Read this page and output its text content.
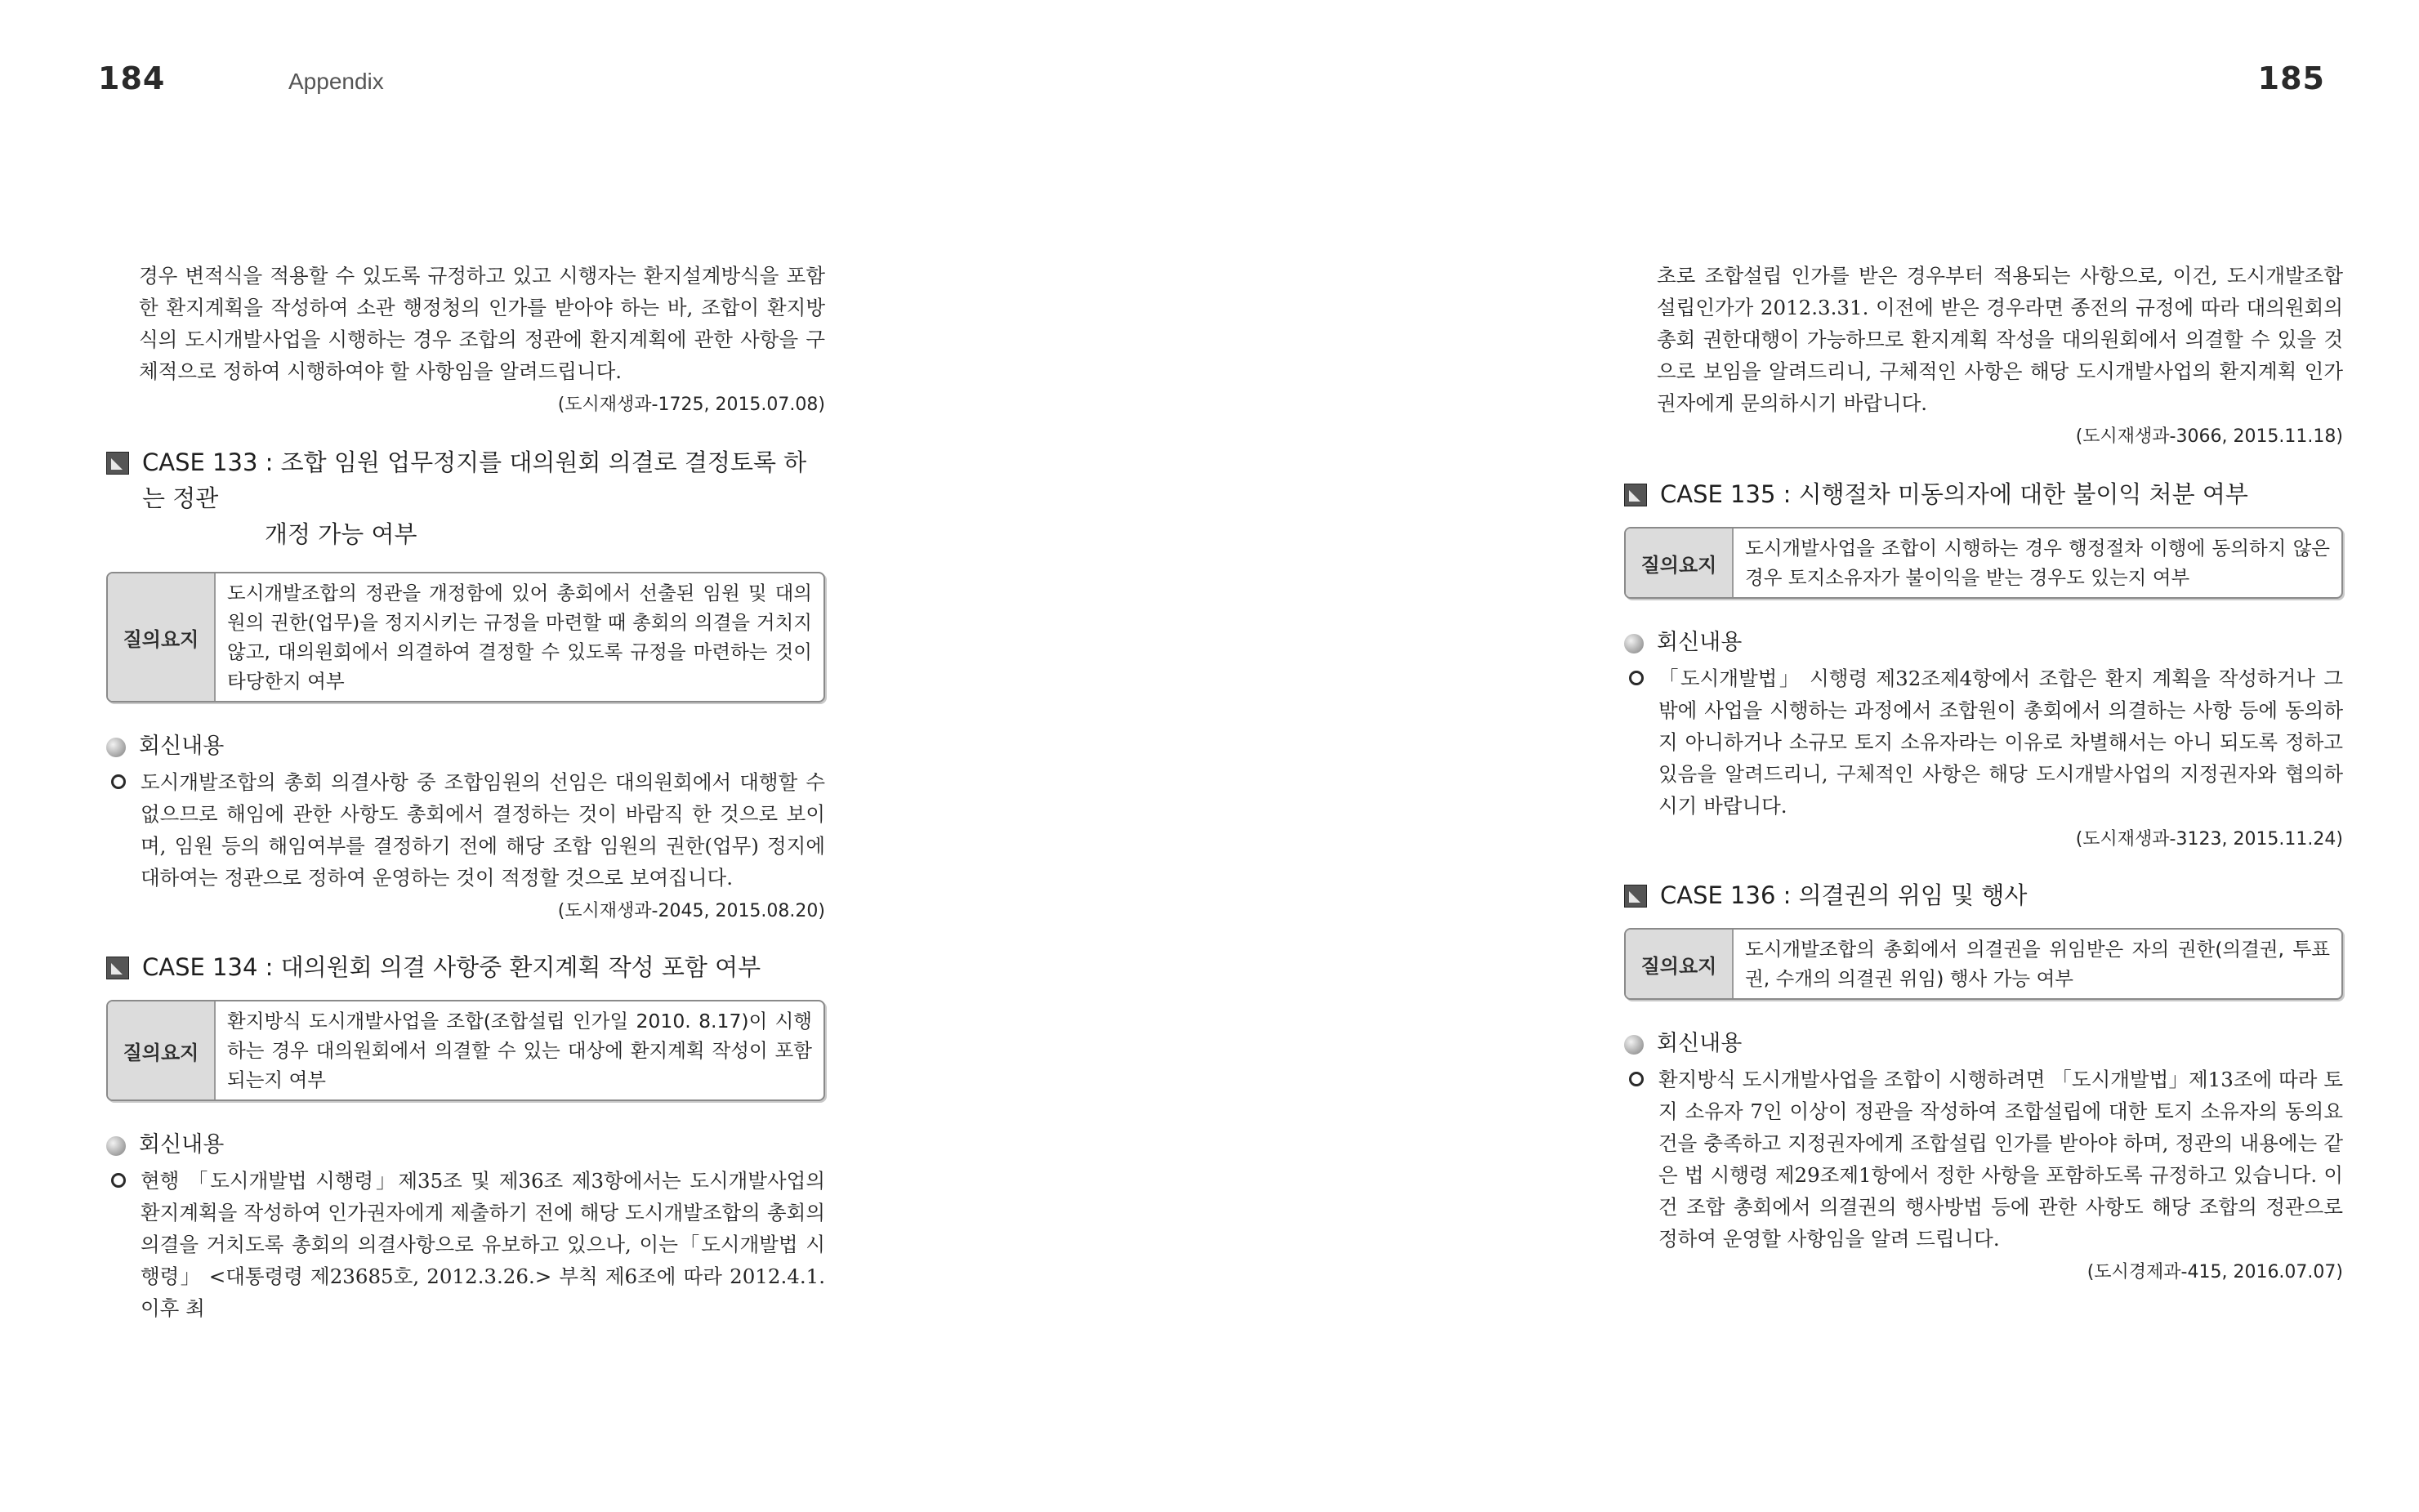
184	Appendix	185

경우 변적식을 적용할 수 있도록 규정하고 있고 시행자는 환지설계방식을 포함한 환지계획을 작성하여 소관 행정청의 인가를 받아야 하는 바, 조합이 환지방식의 도시개발사업을 시행하는 경우 조합의 정관에 환지계획에 관한 사항을 구체적으로 정하여 시행하여야 할 사항임을 알려드립니다.

(도시재생과-1725, 2015.07.08)

CASE 133 : 조합 임원 업무정지를 대의원회 의결로 결정토록 하는 정관
개정 가능 여부
질의요지
도시개발조합의 정관을 개정함에 있어 총회에서 선출된 임원 및 대의원의 권한(업무)을 정지시키는 규정을 마련할 때 총회의 의결을 거치지 않고, 대의원회에서 의결하여 결정할 수 있도록 규정을 마련하는 것이 타당한지 여부
회신내용

도시개발조합의 총회 의결사항 중 조합임원의 선임은 대의원회에서 대행할 수 없으므로 해임에 관한 사항도 총회에서 결정하는 것이 바람직 한 것으로 보이며, 임원 등의 해임여부를 결정하기 전에 해당 조합 임원의 권한(업무) 정지에 대하여는 정관으로 정하여 운영하는 것이 적정할 것으로 보여집니다.

(도시재생과-2045, 2015.08.20)

CASE 134 : 대의원회 의결 사항중 환지계획 작성 포함 여부
질의요지
환지방식 도시개발사업을 조합(조합설립 인가일 2010. 8.17)이 시행하는 경우 대의원회에서 의결할 수 있는 대상에 환지계획 작성이 포함되는지 여부
회신내용

현행 「도시개발법 시행령」제35조 및 제36조 제3항에서는 도시개발사업의 환지계획을 작성하여 인가권자에게 제출하기 전에 해당 도시개발조합의 총회의 의결을 거치도록 총회의 의결사항으로 유보하고 있으나, 이는「도시개발법 시행령」 <대통령령 제23685호, 2012.3.26.> 부칙 제6조에 따라 2012.4.1. 이후 최

초로 조합설립 인가를 받은 경우부터 적용되는 사항으로, 이건, 도시개발조합 설립인가가 2012.3.31. 이전에 받은 경우라면 종전의 규정에 따라 대의원회의 총회 권한대행이 가능하므로 환지계획 작성을 대의원회에서 의결할 수 있을 것으로 보임을 알려드리니, 구체적인 사항은 해당 도시개발사업의 환지계획 인가권자에게 문의하시기 바랍니다.

(도시재생과-3066, 2015.11.18)

CASE 135 : 시행절차 미동의자에 대한 불이익 처분 여부
질의요지
도시개발사업을 조합이 시행하는 경우 행정절차 이행에 동의하지 않은 경우 토지소유자가 불이익을 받는 경우도 있는지 여부
회신내용

「도시개발법」 시행령 제32조제4항에서 조합은 환지 계획을 작성하거나 그 밖에 사업을 시행하는 과정에서 조합원이 총회에서 의결하는 사항 등에 동의하지 아니하거나 소규모 토지 소유자라는 이유로 차별해서는 아니 되도록 정하고 있음을 알려드리니, 구체적인 사항은 해당 도시개발사업의 지정권자와 협의하시기 바랍니다.

(도시재생과-3123, 2015.11.24)

CASE 136 : 의결권의 위임 및 행사
질의요지
도시개발조합의 총회에서 의결권을 위임받은 자의 권한(의결권, 투표권, 수개의 의결권 위임) 행사 가능 여부
회신내용

환지방식 도시개발사업을 조합이 시행하려면 「도시개발법」제13조에 따라 토지 소유자 7인 이상이 정관을 작성하여 조합설립에 대한 토지 소유자의 동의요건을 충족하고 지정권자에게 조합설립 인가를 받아야 하며, 정관의 내용에는 같은 법 시행령 제29조제1항에서 정한 사항을 포함하도록 규정하고 있습니다. 이건 조합 총회에서 의결권의 행사방법 등에 관한 사항도 해당 조합의 정관으로 정하여 운영할 사항임을 알려 드립니다.

(도시경제과-415, 2016.07.07)
